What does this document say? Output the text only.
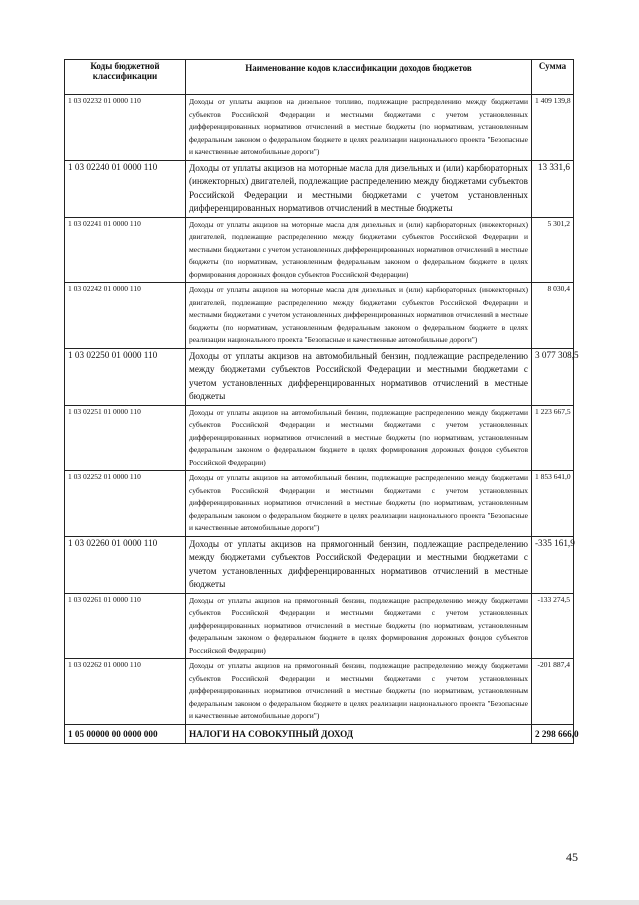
Коды бюджетной классификации	Наименование кодов классификации доходов бюджетов	Сумма
1 03 02232 01 0000 110	Доходы от уплаты акцизов на дизельное топливо, подлежащие распределению между бюджетами субъектов Российской Федерации и местными бюджетами с учетом установленных дифференцированных нормативов отчислений в местные бюджеты (по нормативам, установленным федеральным законом о федеральном бюджете в целях реализации национального проекта "Безопасные и качественные автомобильные дороги")	1 409 139,8
1 03 02240 01 0000 110	Доходы от уплаты акцизов на моторные масла для дизельных и (или) карбюраторных (инжекторных) двигателей, подлежащие распределению между бюджетами субъектов Российской Федерации и местными бюджетами с учетом установленных дифференцированных нормативов отчислений в местные бюджеты	13 331,6
1 03 02241 01 0000 110	Доходы от уплаты акцизов на моторные масла для дизельных и (или) карбюраторных (инжекторных) двигателей, подлежащие распределению между бюджетами субъектов Российской Федерации и местными бюджетами с учетом установленных дифференцированных нормативов отчислений в местные бюджеты (по нормативам, установленным федеральным законом о федеральном бюджете в целях формирования дорожных фондов субъектов Российской Федерации)	5 301,2
1 03 02242 01 0000 110	Доходы от уплаты акцизов на моторные масла для дизельных и (или) карбюраторных (инжекторных) двигателей, подлежащие распределению между бюджетами субъектов Российской Федерации и местными бюджетами с учетом установленных дифференцированных нормативов отчислений в местные бюджеты (по нормативам, установленным федеральным законом о федеральном бюджете в целях реализации национального проекта "Безопасные и качественные автомобильные дороги")	8 030,4
1 03 02250 01 0000 110	Доходы от уплаты акцизов на автомобильный бензин, подлежащие распределению между бюджетами субъектов Российской Федерации и местными бюджетами с учетом установленных дифференцированных нормативов отчислений в местные бюджеты	3 077 308,5
1 03 02251 01 0000 110	Доходы от уплаты акцизов на автомобильный бензин, подлежащие распределению между бюджетами субъектов Российской Федерации и местными бюджетами с учетом установленных дифференцированных нормативов отчислений в местные бюджеты (по нормативам, установленным федеральным законом о федеральном бюджете в целях формирования дорожных фондов субъектов Российской Федерации)	1 223 667,5
1 03 02252 01 0000 110	Доходы от уплаты акцизов на автомобильный бензин, подлежащие распределению между бюджетами субъектов Российской Федерации и местными бюджетами с учетом установленных дифференцированных нормативов отчислений в местные бюджеты (по нормативам, установленным федеральным законом о федеральном бюджете в целях реализации национального проекта "Безопасные и качественные автомобильные дороги")	1 853 641,0
1 03 02260 01 0000 110	Доходы от уплаты акцизов на прямогонный бензин, подлежащие распределению между бюджетами субъектов Российской Федерации и местными бюджетами с учетом установленных дифференцированных нормативов отчислений в местные бюджеты	-335 161,9
1 03 02261 01 0000 110	Доходы от уплаты акцизов на прямогонный бензин, подлежащие распределению между бюджетами субъектов Российской Федерации и местными бюджетами с учетом установленных дифференцированных нормативов отчислений в местные бюджеты (по нормативам, установленным федеральным законом о федеральном бюджете в целях формирования дорожных фондов субъектов Российской Федерации)	-133 274,5
1 03 02262 01 0000 110	Доходы от уплаты акцизов на прямогонный бензин, подлежащие распределению между бюджетами субъектов Российской Федерации и местными бюджетами с учетом установленных дифференцированных нормативов отчислений в местные бюджеты (по нормативам, установленным федеральным законом о федеральном бюджете в целях реализации национального проекта "Безопасные и качественные автомобильные дороги")	-201 887,4
1 05 00000 00 0000 000	НАЛОГИ НА СОВОКУПНЫЙ ДОХОД	2 298 666,0
45
